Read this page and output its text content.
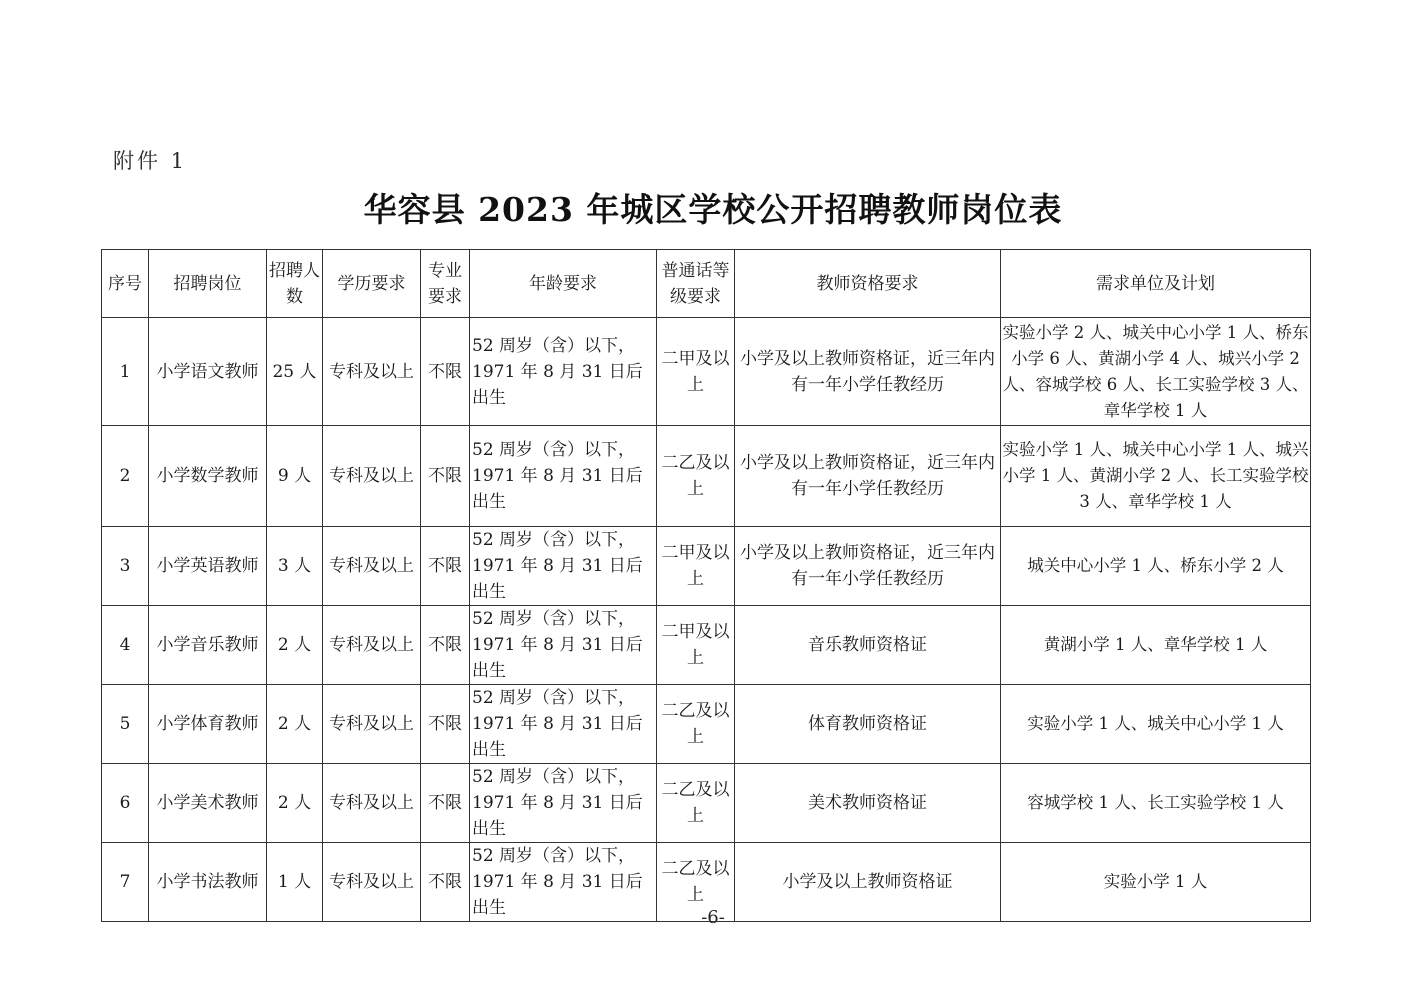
附件 1
华容县 2023 年城区学校公开招聘教师岗位表
序号	招聘岗位	招聘人数	学历要求	专业要求	年龄要求	普通话等级要求	教师资格要求	需求单位及计划
1	小学语文教师	25 人	专科及以上	不限	52 周岁（含）以下，1971 年 8 月 31 日后出生	二甲及以上	小学及以上教师资格证，近三年内有一年小学任教经历	实验小学 2 人、城关中心小学 1 人、桥东小学 6 人、黄湖小学 4 人、城兴小学 2 人、容城学校 6 人、长工实验学校 3 人、章华学校 1 人
2	小学数学教师	9 人	专科及以上	不限	52 周岁（含）以下，1971 年 8 月 31 日后出生	二乙及以上	小学及以上教师资格证，近三年内有一年小学任教经历	实验小学 1 人、城关中心小学 1 人、城兴小学 1 人、黄湖小学 2 人、长工实验学校 3 人、章华学校 1 人
3	小学英语教师	3 人	专科及以上	不限	52 周岁（含）以下，1971 年 8 月 31 日后出生	二甲及以上	小学及以上教师资格证，近三年内有一年小学任教经历	城关中心小学 1 人、桥东小学 2 人
4	小学音乐教师	2 人	专科及以上	不限	52 周岁（含）以下，1971 年 8 月 31 日后出生	二甲及以上	音乐教师资格证	黄湖小学 1 人、章华学校 1 人
5	小学体育教师	2 人	专科及以上	不限	52 周岁（含）以下，1971 年 8 月 31 日后出生	二乙及以上	体育教师资格证	实验小学 1 人、城关中心小学 1 人
6	小学美术教师	2 人	专科及以上	不限	52 周岁（含）以下，1971 年 8 月 31 日后出生	二乙及以上	美术教师资格证	容城学校 1 人、长工实验学校 1 人
7	小学书法教师	1 人	专科及以上	不限	52 周岁（含）以下，1971 年 8 月 31 日后出生	二乙及以上	小学及以上教师资格证	实验小学 1 人
-6-
